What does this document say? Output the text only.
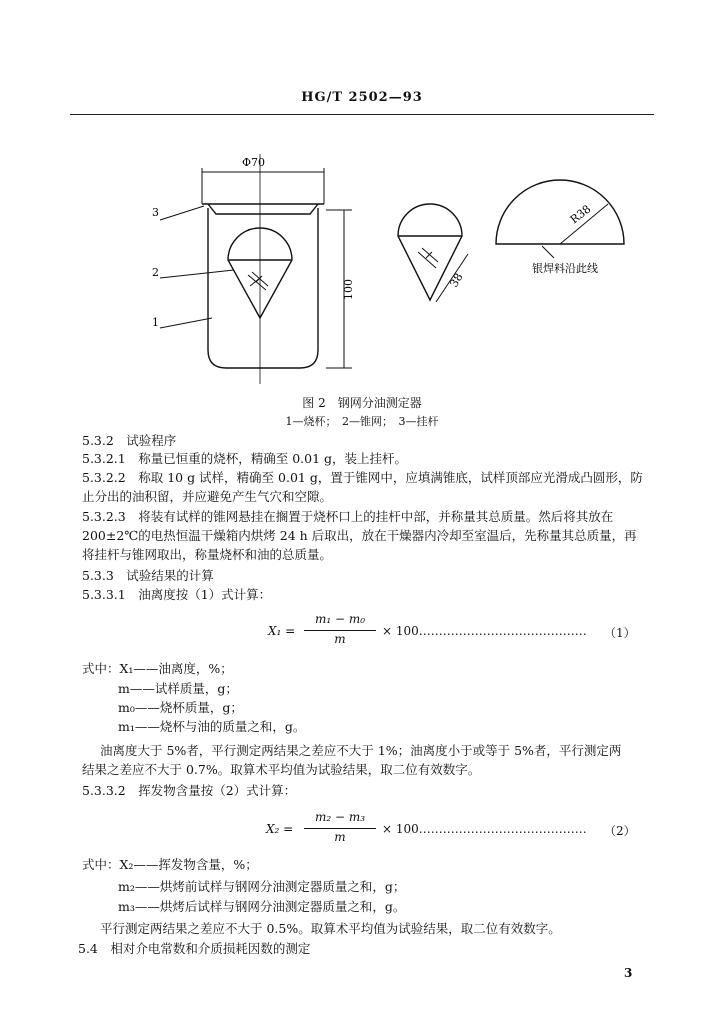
HG/T 2502—93
Φ70
100	38
R38
3
2
1
银焊料沿此线
图 2　钢网分油测定器
1—烧杯；　2—锥网；　3—挂杆
5.3.2　试验程序
5.3.2.1　称量已恒重的烧杯，精确至 0.01 g，装上挂杆。
5.3.2.2　称取 10 g 试样，精确至 0.01 g，置于锥网中，应填满锥底，试样顶部应光滑成凸圆形，防
止分出的油积留，并应避免产生气穴和空隙。
5.3.2.3　将装有试样的锥网悬挂在搁置于烧杯口上的挂杆中部，并称量其总质量。然后将其放在
200±2℃的电热恒温干燥箱内烘烤 24 h 后取出，放在干燥器内冷却至室温后，先称量其总质量，再
将挂杆与锥网取出，称量烧杯和油的总质量。
5.3.3　试验结果的计算
5.3.3.1　油离度按（1）式计算：
X₁ =
m₁ − m₀
m
× 100…………………………………… （1）
式中：X₁——油离度，%；
m——试样质量，g；
m₀——烧杯质量，g；
m₁——烧杯与油的质量之和，g。
油离度大于 5%者，平行测定两结果之差应不大于 1%；油离度小于或等于 5%者，平行测定两
结果之差应不大于 0.7%。取算术平均值为试验结果，取二位有效数字。
5.3.3.2　挥发物含量按（2）式计算：
X₂ =
m₂ − m₃
m
× 100…………………………………… （2）
式中：X₂——挥发物含量，%；
m₂——烘烤前试样与钢网分油测定器质量之和，g；
m₃——烘烤后试样与钢网分油测定器质量之和，g。
平行测定两结果之差应不大于 0.5%。取算术平均值为试验结果，取二位有效数字。
5.4　相对介电常数和介质损耗因数的测定
3
